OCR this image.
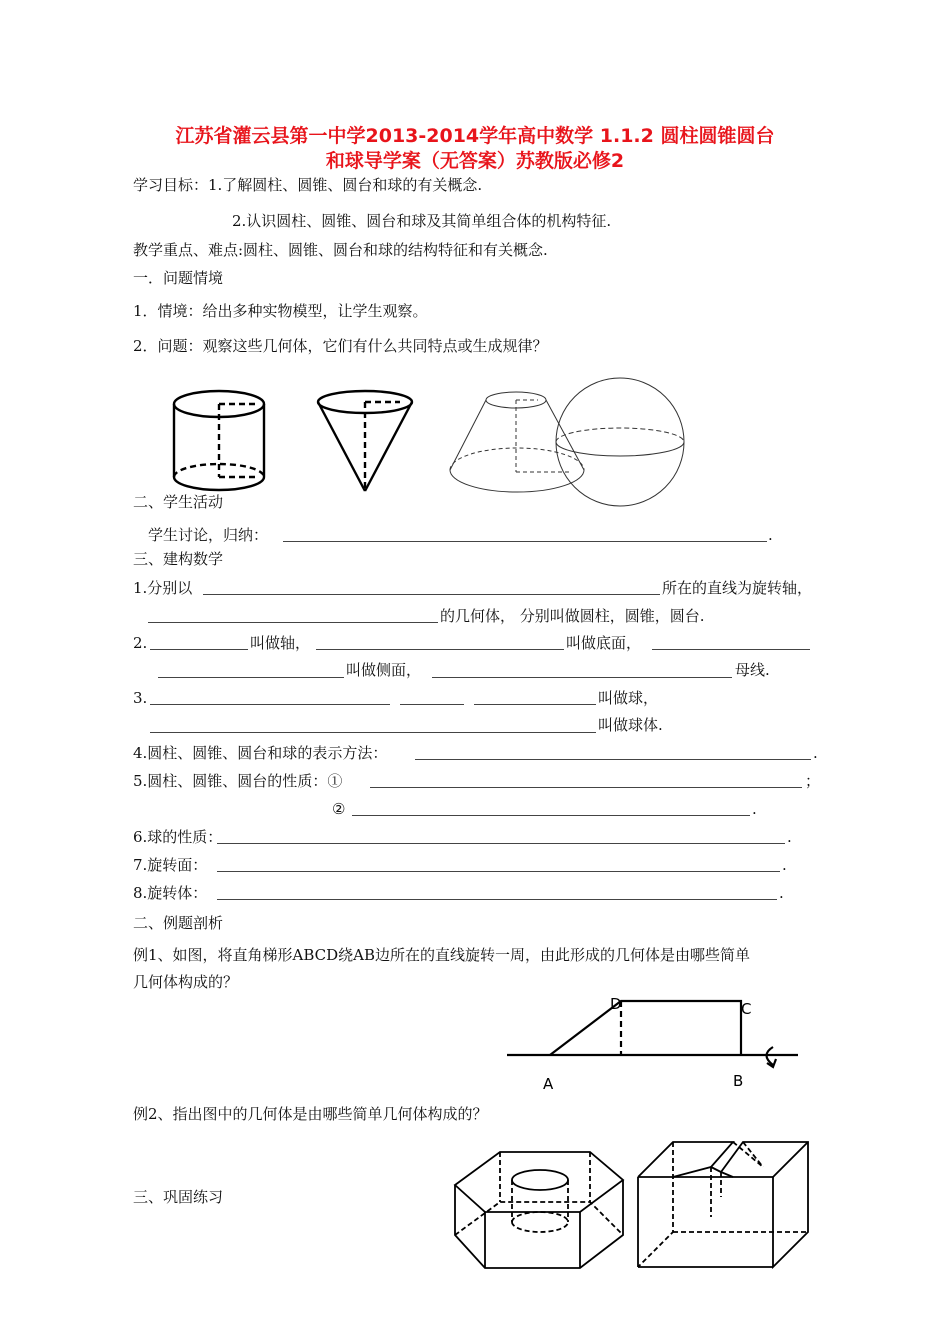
江苏省灌云县第一中学2013-2014学年高中数学 1.1.2 圆柱圆锥圆台
和球导学案（无答案）苏教版必修2
学习目标：1.了解圆柱、圆锥、圆台和球的有关概念.
2.认识圆柱、圆锥、圆台和球及其简单组合体的机构特征.
教学重点、难点:圆柱、圆锥、圆台和球的结构特征和有关概念.
一．问题情境
1．情境：给出多种实物模型，让学生观察。
2．问题：观察这些几何体，它们有什么共同特点或生成规律？
二、学生活动
学生讨论，归纳：	.
三、建构数学
1.分别以	所在的直线为旋转轴，
的几何体， 分别叫做圆柱，圆锥，圆台.
2.	叫做轴，	叫做底面，
叫做侧面，	母线.
3.	叫做球，
叫做球体.
4.圆柱、圆锥、圆台和球的表示方法：	.
5.圆柱、圆锥、圆台的性质：①	；
②	.
6.球的性质：	.
7.旋转面：	.
8.旋转体：	.
二、例题剖析
例1、如图，将直角梯形ABCD绕AB边所在的直线旋转一周，由此形成的几何体是由哪些简单
几何体构成的？
D	C
A	B
例2、指出图中的几何体是由哪些简单几何体构成的？
三、巩固练习
